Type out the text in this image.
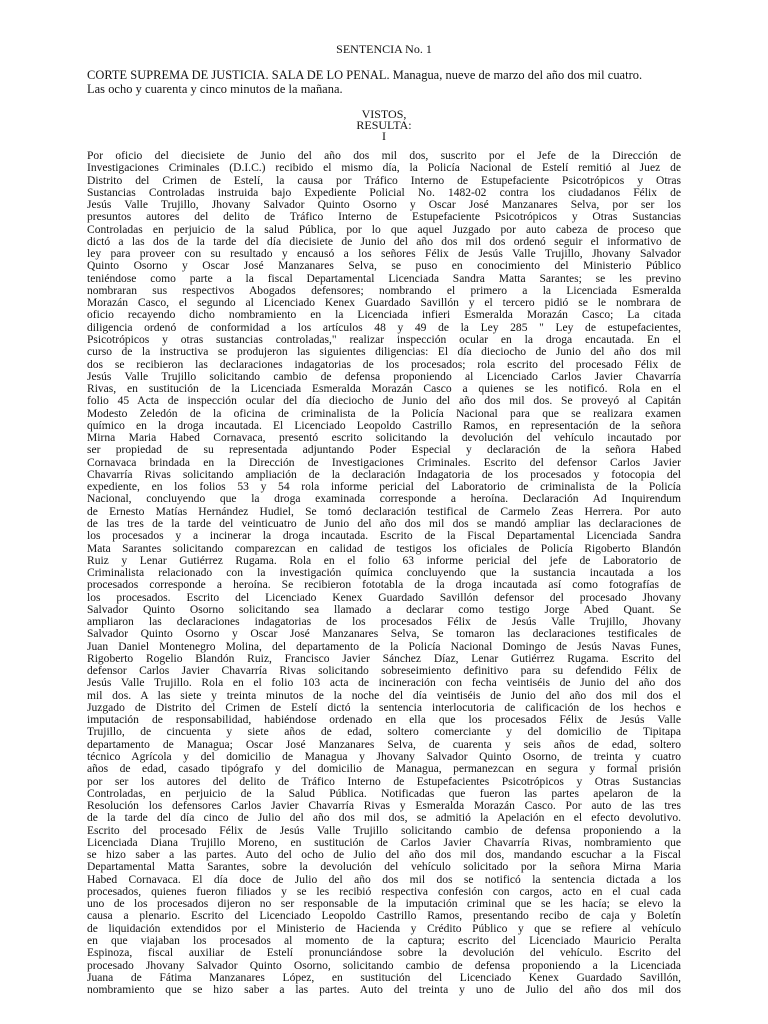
SENTENCIA No. 1
CORTE SUPREMA DE JUSTICIA. SALA DE LO PENAL. Managua, nueve de marzo del año dos mil cuatro.
Las ocho y cuarenta y cinco minutos de la mañana.
VISTOS,
RESULTA:
I
Por oficio del diecisiete de Junio del año dos mil dos, suscrito por el Jefe de la Dirección de
Investigaciones Criminales (D.I.C.) recibido el mismo día, la Policía Nacional de Estelí remitió al Juez de
Distrito del Crimen de Estelí, la causa por Tráfico Interno de Estupefaciente Psicotrópicos y Otras
Sustancias Controladas instruida bajo Expediente Policial No. 1482-02 contra los ciudadanos Félix de
Jesús Valle Trujillo, Jhovany Salvador Quinto Osorno y Oscar José Manzanares Selva, por ser los
presuntos autores del delito de Tráfico Interno de Estupefaciente Psicotrópicos y Otras Sustancias
Controladas en perjuicio de la salud Pública, por lo que aquel Juzgado por auto cabeza de proceso que
dictó a las dos de la tarde del día diecisiete de Junio del año dos mil dos ordenó seguir el informativo de
ley para proveer con su resultado y encausó a los señores Félix de Jesús Valle Trujillo, Jhovany Salvador
Quinto Osorno y Oscar José Manzanares Selva, se puso en conocimiento del Ministerio Público
teniéndose como parte a la fiscal Departamental Licenciada Sandra Matta Sarantes; se les previno
nombraran sus respectivos Abogados defensores; nombrando el primero a la Licenciada Esmeralda
Morazán Casco, el segundo al Licenciado Kenex Guardado Savillón y el tercero pidió se le nombrara de
oficio recayendo dicho nombramiento en la Licenciada infieri Esmeralda Morazán Casco; La citada
diligencia ordenó de conformidad a los artículos 48 y 49 de la Ley 285 " Ley de estupefacientes,
Psicotrópicos y otras sustancias controladas," realizar inspección ocular en la droga encautada. En el
curso de la instructiva se produjeron las siguientes diligencias: El día dieciocho de Junio del año dos mil
dos se recibieron las declaraciones indagatorias de los procesados; rola escrito del procesado Félix de
Jesús Valle Trujillo solicitando cambio de defensa proponiendo al Licenciado Carlos Javier Chavarría
Rivas, en sustitución de la Licenciada Esmeralda Morazán Casco a quienes se les notificó. Rola en el
folio 45 Acta de inspección ocular del día dieciocho de Junio del año dos mil dos. Se proveyó al Capitán
Modesto Zeledón de la oficina de criminalista de la Policía Nacional para que se realizara examen
químico en la droga incautada. El Licenciado Leopoldo Castrillo Ramos, en representación de la señora
Mirna Maria Habed Cornavaca, presentó escrito solicitando la devolución del vehículo incautado por
ser propiedad de su representada adjuntando Poder Especial y declaración de la señora Habed
Cornavaca brindada en la Dirección de Investigaciones Criminales. Escrito del defensor Carlos Javier
Chavarría Rivas solicitando ampliación de la declaración Indagatoria de los procesados y fotocopia del
expediente, en los folios 53 y 54 rola informe pericial del Laboratorio de criminalista de la Policía
Nacional, concluyendo que la droga examinada corresponde a heroína. Declaración Ad Inquirendum
de Ernesto Matías Hernández Hudiel, Se tomó declaración testifical de Carmelo Zeas Herrera. Por auto
de las tres de la tarde del veinticuatro de Junio del año dos mil dos se mandó ampliar las declaraciones de
los procesados y a incinerar la droga incautada. Escrito de la Fiscal Departamental Licenciada Sandra
Mata Sarantes solicitando comparezcan en calidad de testigos los oficiales de Policía Rigoberto Blandón
Ruiz y Lenar Gutiérrez Rugama. Rola en el folio 63 informe pericial del jefe de Laboratorio de
Criminalista relacionado con la investigación química concluyendo que la sustancia incautada a los
procesados corresponde a heroína. Se recibieron fototabla de la droga incautada así como fotografías de
los procesados. Escrito del Licenciado Kenex Guardado Savillón defensor del procesado Jhovany
Salvador Quinto Osorno solicitando sea llamado a declarar como testigo Jorge Abed Quant. Se
ampliaron las declaraciones indagatorias de los procesados Félix de Jesús Valle Trujillo, Jhovany
Salvador Quinto Osorno y Oscar José Manzanares Selva, Se tomaron las declaraciones testificales de
Juan Daniel Montenegro Molina, del departamento de la Policía Nacional Domingo de Jesús Navas Funes,
Rigoberto Rogelio Blandón Ruiz, Francisco Javier Sánchez Díaz, Lenar Gutiérrez Rugama. Escrito del
defensor Carlos Javier Chavarría Rivas solicitando sobreseimiento definitivo para su defendido Félix de
Jesús Valle Trujillo. Rola en el folio 103 acta de incineración con fecha veintiséis de Junio del año dos
mil dos. A las siete y treinta minutos de la noche del día veintiséis de Junio del año dos mil dos el
Juzgado de Distrito del Crimen de Estelí dictó la sentencia interlocutoria de calificación de los hechos e
imputación de responsabilidad, habiéndose ordenado en ella que los procesados Félix de Jesús Valle
Trujillo, de cincuenta y siete años de edad, soltero comerciante y del domicilio de Tipitapa
departamento de Managua; Oscar José Manzanares Selva, de cuarenta y seis años de edad, soltero
técnico Agrícola y del domicilio de Managua y Jhovany Salvador Quinto Osorno, de treinta y cuatro
años de edad, casado tipógrafo y del domicilio de Managua, permanezcan en segura y formal prisión
por ser los autores del delito de Tráfico Interno de Estupefacientes Psicotrópicos y Otras Sustancias
Controladas, en perjuicio de la Salud Pública. Notificadas que fueron las partes apelaron de la
Resolución los defensores Carlos Javier Chavarría Rivas y Esmeralda Morazán Casco. Por auto de las tres
de la tarde del día cinco de Julio del año dos mil dos, se admitió la Apelación en el efecto devolutivo.
Escrito del procesado Félix de Jesús Valle Trujillo solicitando cambio de defensa proponiendo a la
Licenciada Diana Trujillo Moreno, en sustitución de Carlos Javier Chavarría Rivas, nombramiento que
se hizo saber a las partes. Auto del ocho de Julio del año dos mil dos, mandando escuchar a la Fiscal
Departamental Matta Sarantes, sobre la devolución del vehículo solicitado por la señora Mirna Maria
Habed Cornavaca. El día doce de Julio del año dos mil dos se notificó la sentencia dictada a los
procesados, quienes fueron filiados y se les recibió respectiva confesión con cargos, acto en el cual cada
uno de los procesados dijeron no ser responsable de la imputación criminal que se les hacía; se elevo la
causa a plenario. Escrito del Licenciado Leopoldo Castrillo Ramos, presentando recibo de caja y Boletín
de liquidación extendidos por el Ministerio de Hacienda y Crédito Público y que se refiere al vehículo
en que viajaban los procesados al momento de la captura; escrito del Licenciado Mauricio Peralta
Espinoza, fiscal auxiliar de Estelí pronunciándose sobre la devolución del vehículo. Escrito del
procesado Jhovany Salvador Quinto Osorno, solicitando cambio de defensa proponiendo a la Licenciada
Juana de Fátima Manzanares López, en sustitución del Licenciado Kenex Guardado Savillón,
nombramiento que se hizo saber a las partes. Auto del treinta y uno de Julio del año dos mil dos
